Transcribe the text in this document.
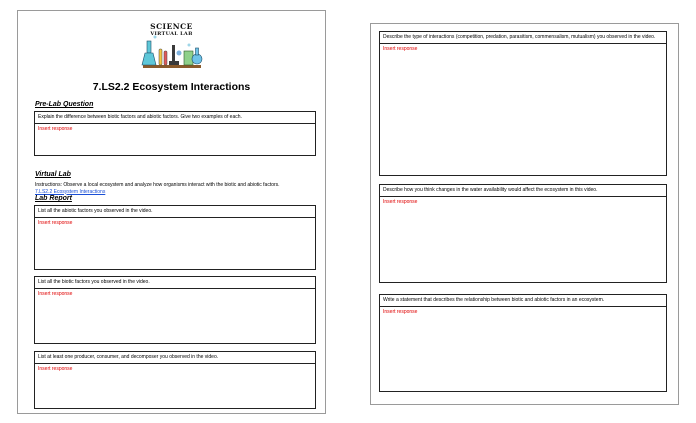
SCIENCE
VIRTUAL LAB
7.LS2.2 Ecosystem Interactions
Pre-Lab Question
Explain the difference between biotic factors and abiotic factors. Give two examples of each.
Insert response
Virtual Lab
Instructions: Observe a local ecosystem and analyze how organisms interact with the biotic and abiotic factors.
7.LS2.2 Ecosystem Interactions
Lab Report
List all the abiotic factors you observed in the video.
Insert response
List all the biotic factors you observed in the video.
Insert response
List at least one producer, consumer, and decomposer you observed in the video.
Insert response
Describe the type of interactions (competition, predation, parasitism, commensalism, mutualism) you observed in the video.
Insert response
Describe how you think changes in the water availability would affect the ecosystem in this video.
Insert response
Write a statement that describes the relationship between biotic and abiotic factors in an ecosystem.
Insert response
